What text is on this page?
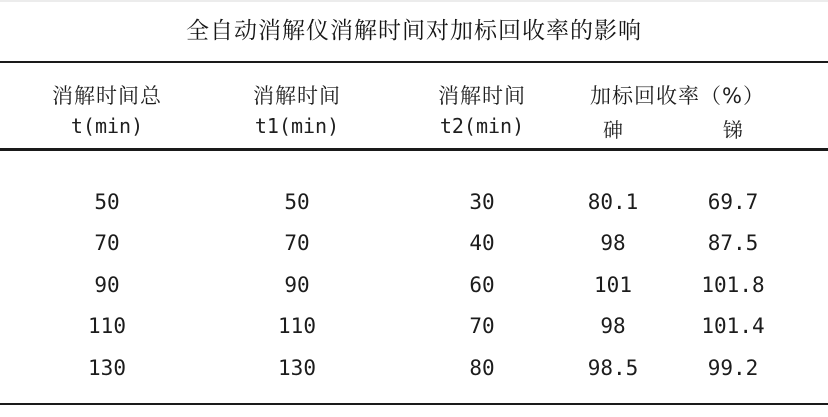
全自动消解仪消解时间对加标回收率的影响
消解时间总	消解时间	消解时间	加标回收率（%）	
t(min)	t1(min)	t2(min)	砷	锑
50	50	30	80.1	69.7
70	70	40	98	87.5
90	90	60	101	101.8
110	110	70	98	101.4
130	130	80	98.5	99.2
